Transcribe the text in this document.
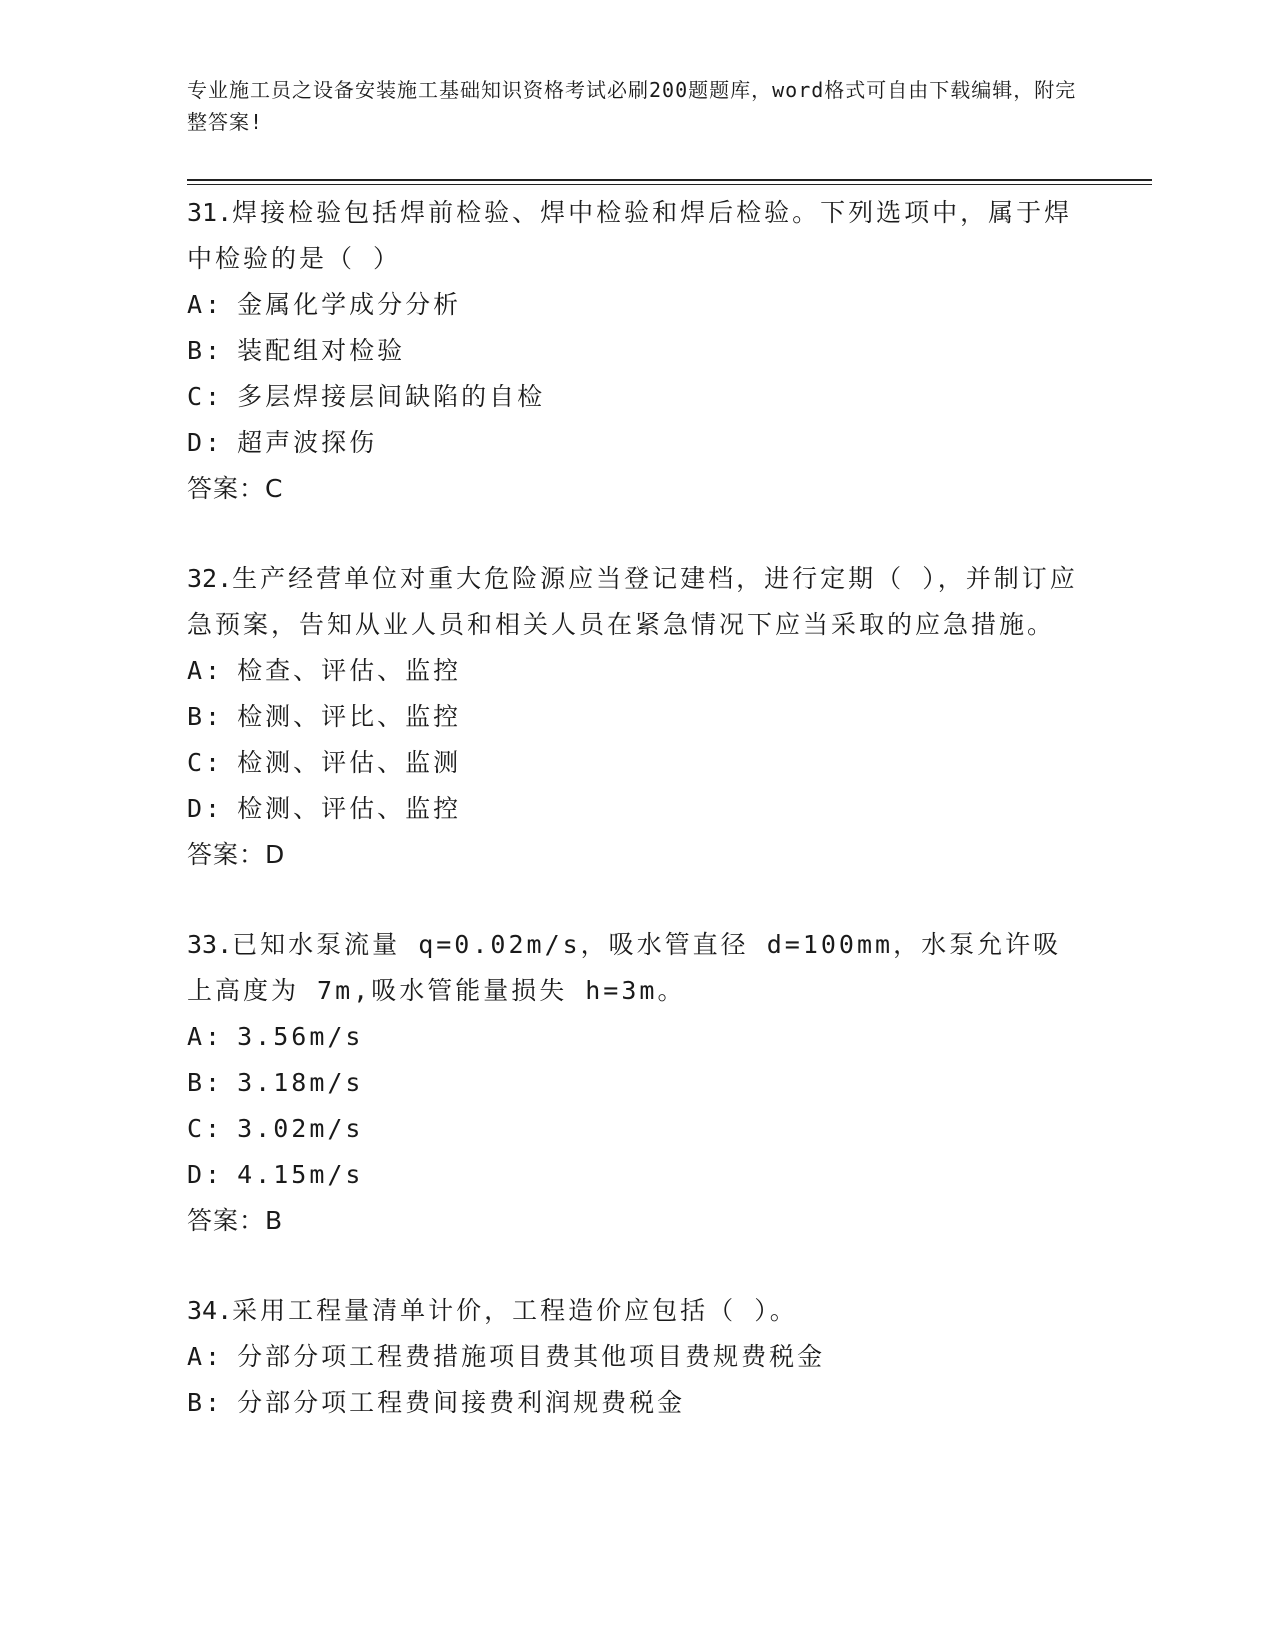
专业施工员之设备安装施工基础知识资格考试必刷200题题库，word格式可自由下载编辑，附完整答案!
31.焊接检验包括焊前检验、焊中检验和焊后检验。下列选项中，属于焊中检验的是（ ）
A: 金属化学成分分析
B: 装配组对检验
C: 多层焊接层间缺陷的自检
D: 超声波探伤
答案：C
32.生产经营单位对重大危险源应当登记建档，进行定期（ ），并制订应急预案，告知从业人员和相关人员在紧急情况下应当采取的应急措施。
A: 检查、评估、监控
B: 检测、评比、监控
C: 检测、评估、监测
D: 检测、评估、监控
答案：D
33.已知水泵流量 q=0.02m/s，吸水管直径 d=100mm，水泵允许吸上高度为 7m,吸水管能量损失 h=3m。
A: 3.56m/s
B: 3.18m/s
C: 3.02m/s
D: 4.15m/s
答案：B
34.采用工程量清单计价，工程造价应包括（ ）。
A: 分部分项工程费措施项目费其他项目费规费税金
B: 分部分项工程费间接费利润规费税金
